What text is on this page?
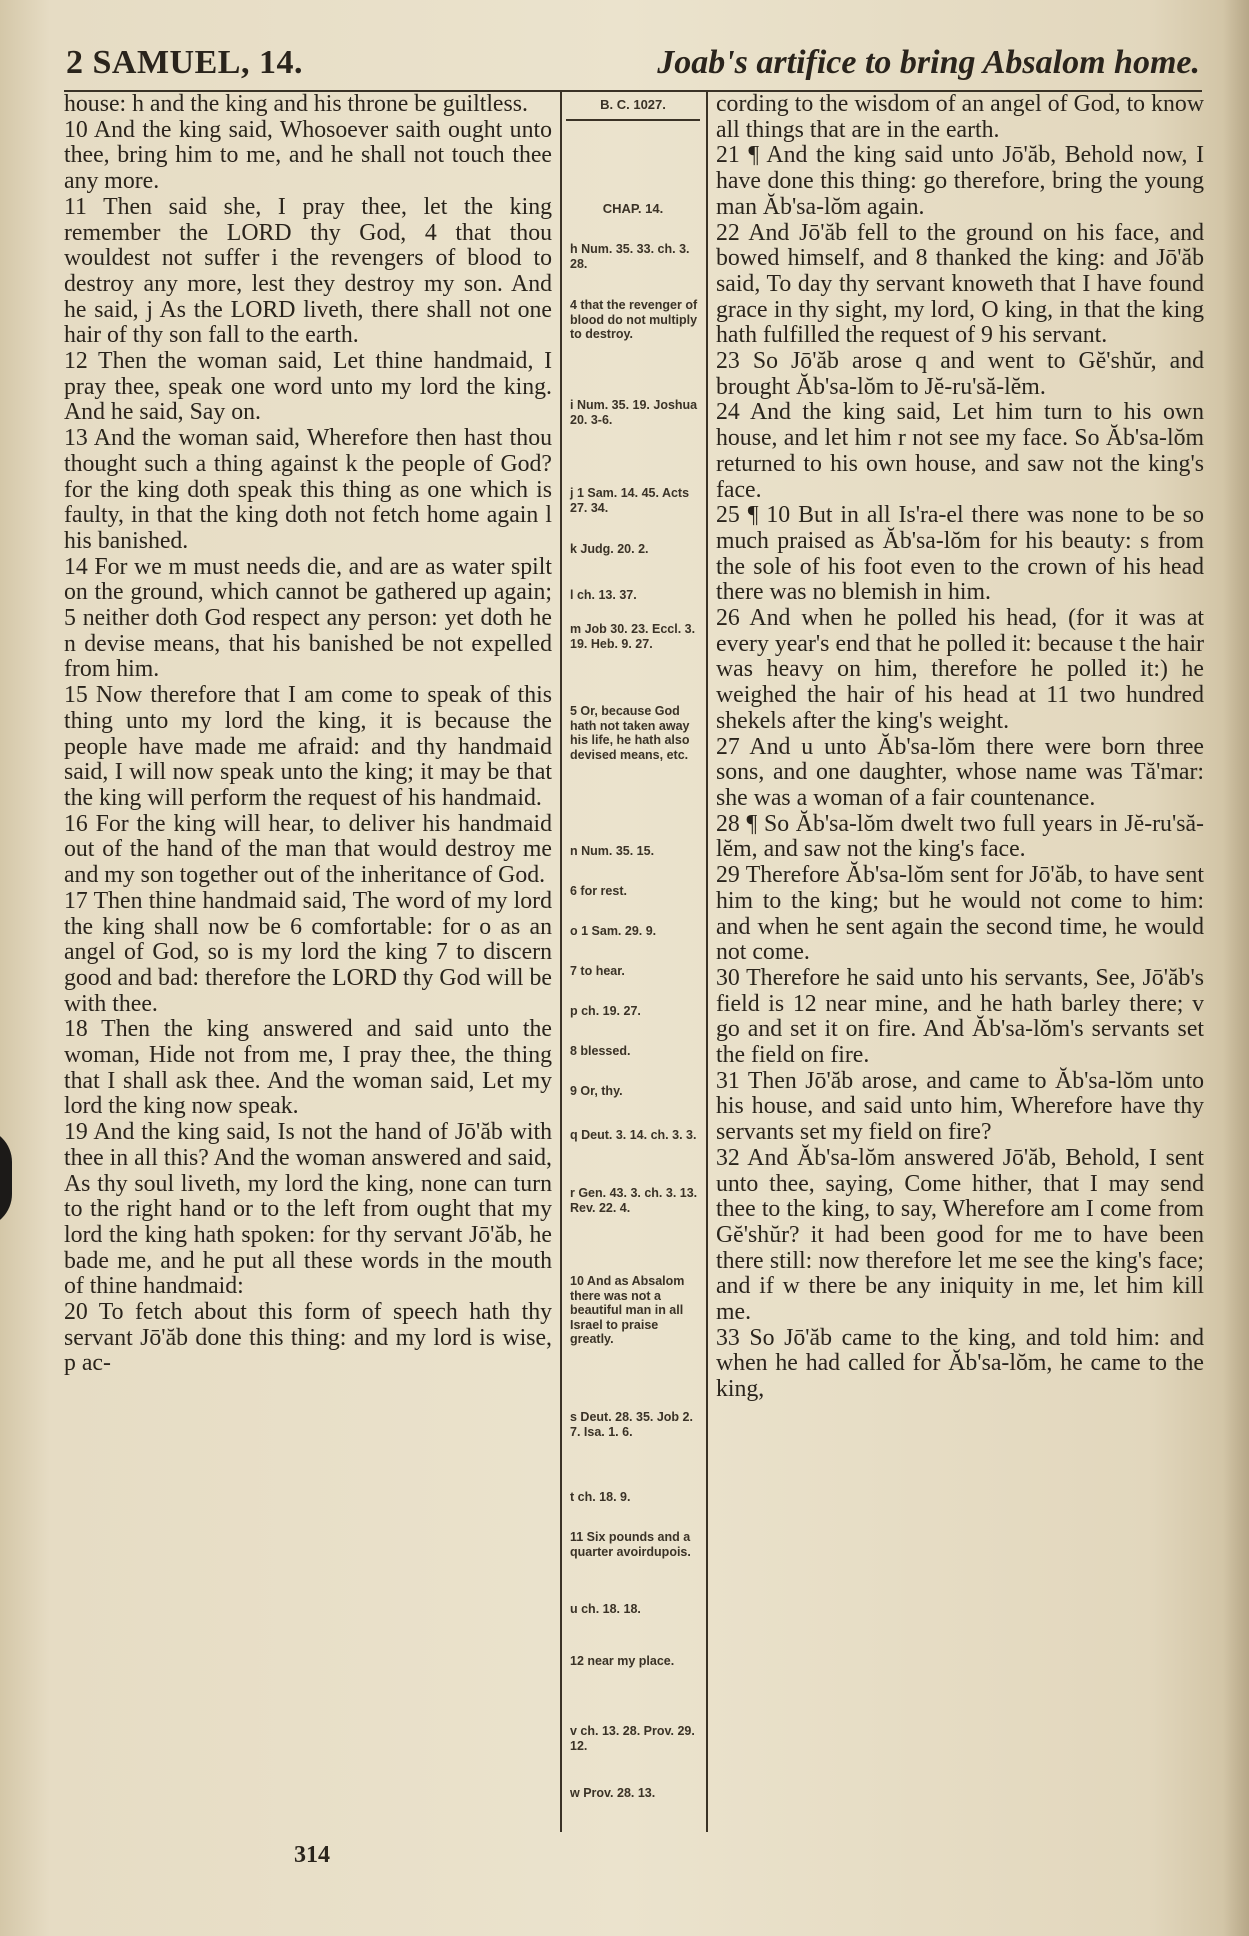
2 SAMUEL, 14.	Joab's artifice to bring Absalom home.

house: h and the king and his throne be guiltless.

10 And the king said, Whosoever saith ought unto thee, bring him to me, and he shall not touch thee any more.

11 Then said she, I pray thee, let the king remember the LORD thy God, 4 that thou wouldest not suffer i the revengers of blood to destroy any more, lest they destroy my son. And he said, j As the LORD liveth, there shall not one hair of thy son fall to the earth.

12 Then the woman said, Let thine handmaid, I pray thee, speak one word unto my lord the king. And he said, Say on.

13 And the woman said, Wherefore then hast thou thought such a thing against k the people of God? for the king doth speak this thing as one which is faulty, in that the king doth not fetch home again l his banished.

14 For we m must needs die, and are as water spilt on the ground, which cannot be gathered up again; 5 neither doth God respect any person: yet doth he n devise means, that his banished be not expelled from him.

15 Now therefore that I am come to speak of this thing unto my lord the king, it is because the people have made me afraid: and thy handmaid said, I will now speak unto the king; it may be that the king will perform the request of his handmaid.

16 For the king will hear, to deliver his handmaid out of the hand of the man that would destroy me and my son together out of the inheritance of God.

17 Then thine handmaid said, The word of my lord the king shall now be 6 comfortable: for o as an angel of God, so is my lord the king 7 to discern good and bad: therefore the LORD thy God will be with thee.

18 Then the king answered and said unto the woman, Hide not from me, I pray thee, the thing that I shall ask thee. And the woman said, Let my lord the king now speak.

19 And the king said, Is not the hand of Jō'ăb with thee in all this? And the woman answered and said, As thy soul liveth, my lord the king, none can turn to the right hand or to the left from ought that my lord the king hath spoken: for thy servant Jō'ăb, he bade me, and he put all these words in the mouth of thine handmaid:

20 To fetch about this form of speech hath thy servant Jō'ăb done this thing: and my lord is wise, p ac-

B. C. 1027.
CHAP. 14.
h Num. 35. 33. ch. 3. 28.
4 that the revenger of blood do not multiply to destroy.
i Num. 35. 19. Joshua 20. 3-6.
j 1 Sam. 14. 45. Acts 27. 34.
k Judg. 20. 2.
l ch. 13. 37.
m Job 30. 23. Eccl. 3. 19. Heb. 9. 27.
5 Or, because God hath not taken away his life, he hath also devised means, etc.
n Num. 35. 15.
6 for rest.
o 1 Sam. 29. 9.
7 to hear.
p ch. 19. 27.
8 blessed.
9 Or, thy.
q Deut. 3. 14. ch. 3. 3.
r Gen. 43. 3. ch. 3. 13. Rev. 22. 4.
10 And as Absalom there was not a beautiful man in all Israel to praise greatly.
s Deut. 28. 35. Job 2. 7. Isa. 1. 6.
t ch. 18. 9.
11 Six pounds and a quarter avoirdupois.
u ch. 18. 18.
12 near my place.
v ch. 13. 28. Prov. 29. 12.
w Prov. 28. 13.

cording to the wisdom of an angel of God, to know all things that are in the earth.

21 ¶ And the king said unto Jō'ăb, Behold now, I have done this thing: go therefore, bring the young man Ăb'sa-lŏm again.

22 And Jō'ăb fell to the ground on his face, and bowed himself, and 8 thanked the king: and Jō'ăb said, To day thy servant knoweth that I have found grace in thy sight, my lord, O king, in that the king hath fulfilled the request of 9 his servant.

23 So Jō'ăb arose q and went to Gĕ'shŭr, and brought Ăb'sa-lŏm to Jĕ-ru'să-lĕm.

24 And the king said, Let him turn to his own house, and let him r not see my face. So Ăb'sa-lŏm returned to his own house, and saw not the king's face.

25 ¶ 10 But in all Is'ra-el there was none to be so much praised as Ăb'sa-lŏm for his beauty: s from the sole of his foot even to the crown of his head there was no blemish in him.

26 And when he polled his head, (for it was at every year's end that he polled it: because t the hair was heavy on him, therefore he polled it:) he weighed the hair of his head at 11 two hundred shekels after the king's weight.

27 And u unto Ăb'sa-lŏm there were born three sons, and one daughter, whose name was Tă'mar: she was a woman of a fair countenance.

28 ¶ So Ăb'sa-lŏm dwelt two full years in Jĕ-ru'să-lĕm, and saw not the king's face.

29 Therefore Ăb'sa-lŏm sent for Jō'ăb, to have sent him to the king; but he would not come to him: and when he sent again the second time, he would not come.

30 Therefore he said unto his servants, See, Jō'ăb's field is 12 near mine, and he hath barley there; v go and set it on fire. And Ăb'sa-lŏm's servants set the field on fire.

31 Then Jō'ăb arose, and came to Ăb'sa-lŏm unto his house, and said unto him, Wherefore have thy servants set my field on fire?

32 And Ăb'sa-lŏm answered Jō'ăb, Behold, I sent unto thee, saying, Come hither, that I may send thee to the king, to say, Wherefore am I come from Gĕ'shŭr? it had been good for me to have been there still: now therefore let me see the king's face; and if w there be any iniquity in me, let him kill me.

33 So Jō'ăb came to the king, and told him: and when he had called for Ăb'sa-lŏm, he came to the king,

314
